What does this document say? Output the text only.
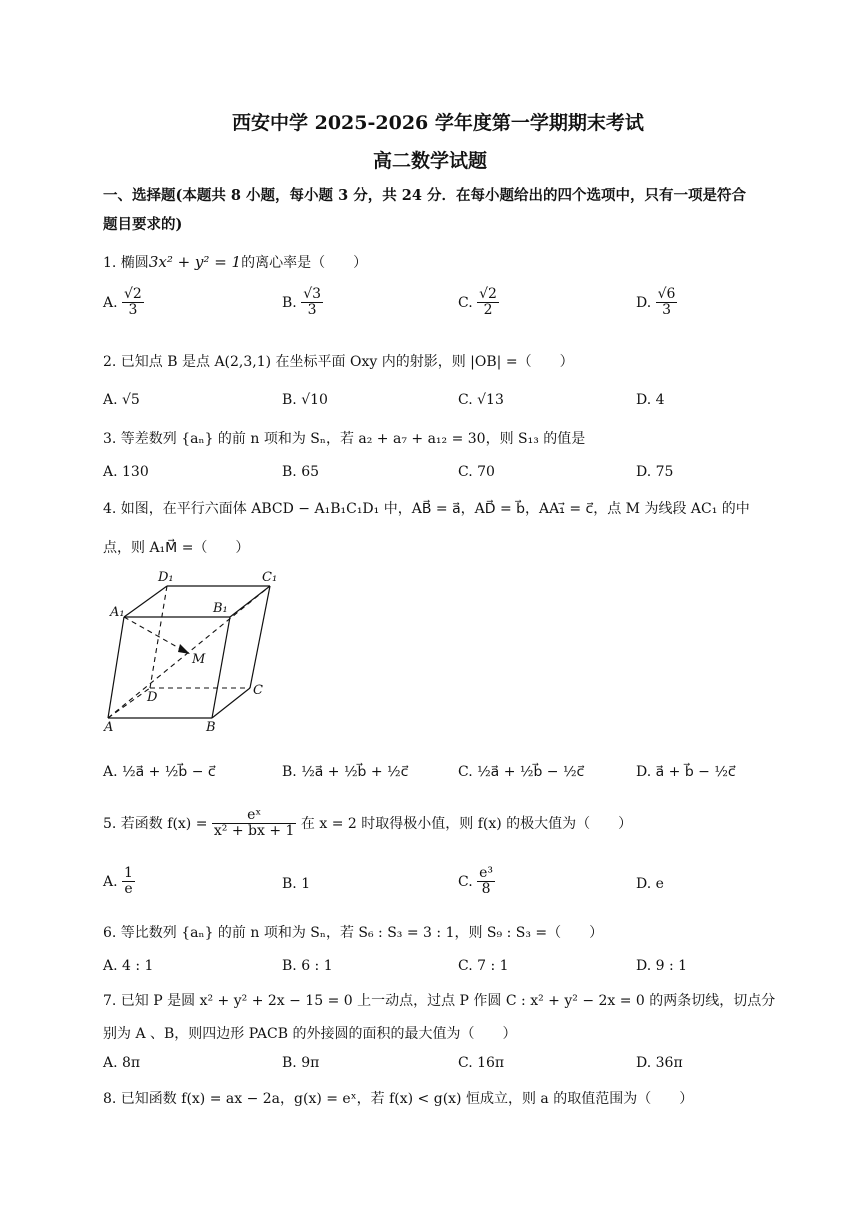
西安中学 2025-2026 学年度第一学期期末考试
高二数学试题
一、选择题(本题共 8 小题，每小题 3 分，共 24 分．在每小题给出的四个选项中，只有一项是符合
题目要求的)
1. 椭圆3x² + y² = 1的离心率是（　　）
A. $\frac{√2}{3}$	B. $\frac{√3}{3}$	C. $\frac{√2}{2}$	D. $\frac{√6}{3}$
2. 已知点 B 是点 A(2,3,1) 在坐标平面 Oxy 内的射影，则 |OB| =（　　）
A. √5	B. √10	C. √13	D. 4
3. 等差数列 {aₙ} 的前 n 项和为 Sₙ，若 a₂ + a₇ + a₁₂ = 30，则 S₁₃ 的值是
A. 130	B. 65	C. 70	D. 75
4. 如图，在平行六面体 ABCD − A₁B₁C₁D₁ 中，AB⃗ = a⃗，AD⃗ = b⃗，AA₁⃗ = c⃗，点 M 为线段 AC₁ 的中
点，则 A₁M⃗ =（　　）
D₁	C₁
A₁	B₁
M
D	C
A	B
A. ½a⃗ + ½b⃗ − c⃗	B. ½a⃗ + ½b⃗ + ½c⃗	C. ½a⃗ + ½b⃗ − ½c⃗	D. a⃗ + b⃗ − ½c⃗
5. 若函数 $f(x) = \frac{\text{eˣ}}{\text{x² + bx + 1}}$ 在 x = 2 时取得极小值，则 f(x) 的极大值为（　　）
A. $\frac{1}{e}$	B. 1	C. $\frac{\text{e³}}{8}$	D. e
6. 等比数列 {aₙ} 的前 n 项和为 Sₙ，若 S₆ : S₃ = 3 : 1，则 S₉ : S₃ =（　　）
A. 4 : 1	B. 6 : 1	C. 7 : 1	D. 9 : 1
7. 已知 P 是圆 x² + y² + 2x − 15 = 0 上一动点，过点 P 作圆 C : x² + y² − 2x = 0 的两条切线，切点分
别为 A 、B，则四边形 PACB 的外接圆的面积的最大值为（　　）
A. 8π	B. 9π	C. 16π	D. 36π
8. 已知函数 f(x) = ax − 2a，g(x) = eˣ，若 f(x) < g(x) 恒成立，则 a 的取值范围为（　　）
